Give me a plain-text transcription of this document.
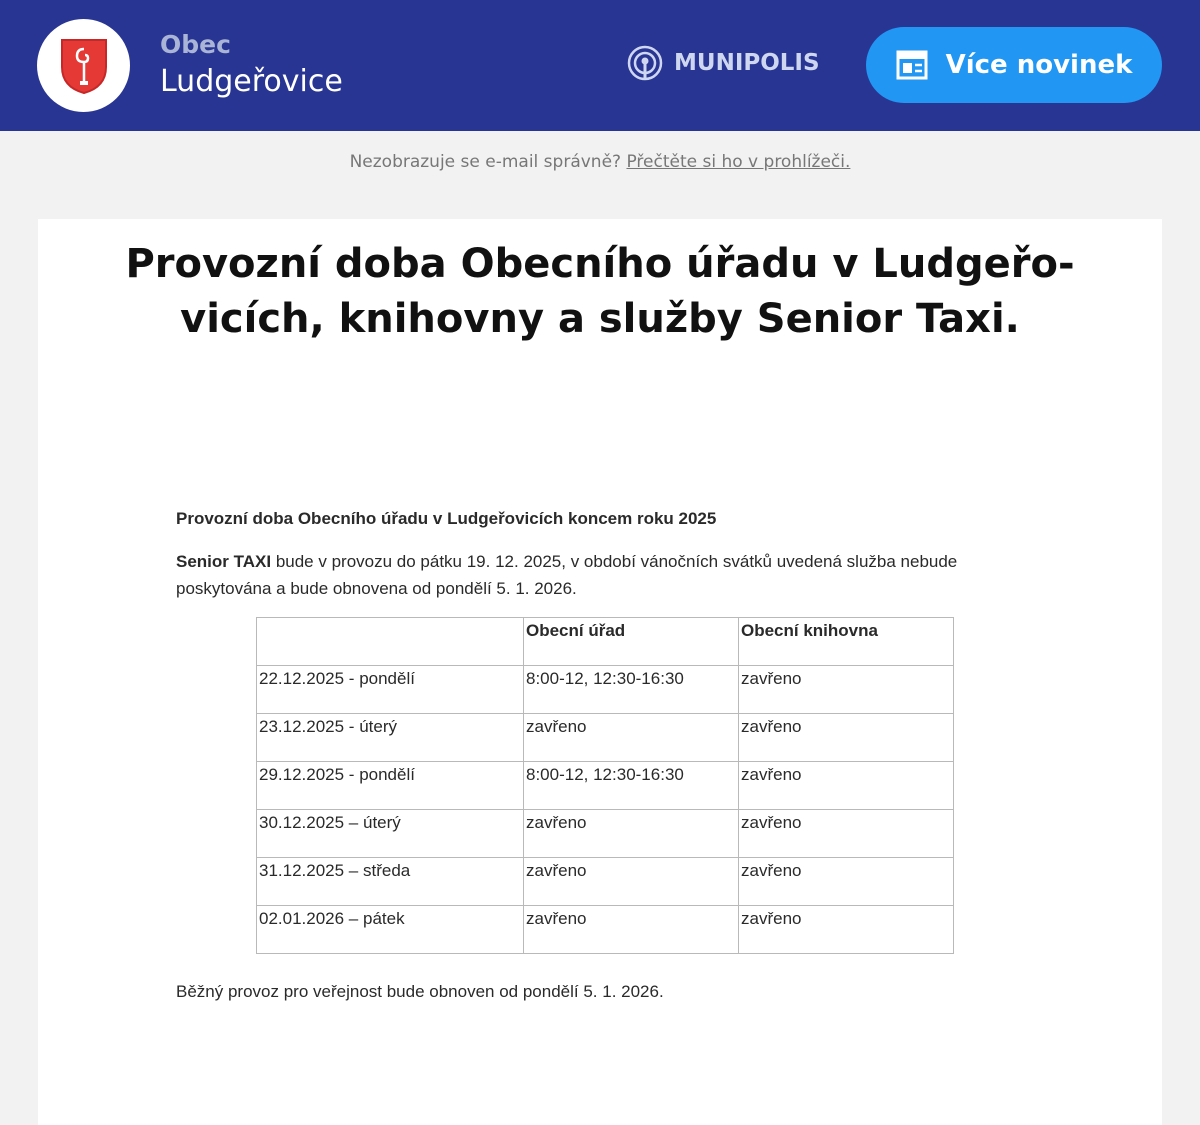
Obec
Ludgeřovice
MUNIPOLIS	Více novinek
Nezobrazuje se e-mail správně? Přečtěte si ho v prohlížeči.
Provozní doba Obecního úřadu v Ludgeřovicích, knihovny a služby Senior Taxi.
Provozní doba Obecního úřadu v Ludgeřovicích koncem roku 2025
Senior TAXI bude v provozu do pátku 19. 12. 2025, v období vánočních svátků uvedená služba nebude poskytována a bude obnovena od pondělí 5. 1. 2026.
	Obecní úřad	Obecní knihovna
22.12.2025 - pondělí	8:00-12, 12:30-16:30	zavřeno
23.12.2025 - úterý	zavřeno	zavřeno
29.12.2025 - pondělí	8:00-12, 12:30-16:30	zavřeno
30.12.2025 – úterý	zavřeno	zavřeno
31.12.2025 – středa	zavřeno	zavřeno
02.01.2026 – pátek	zavřeno	zavřeno
Běžný provoz pro veřejnost bude obnoven od pondělí 5. 1. 2026.
